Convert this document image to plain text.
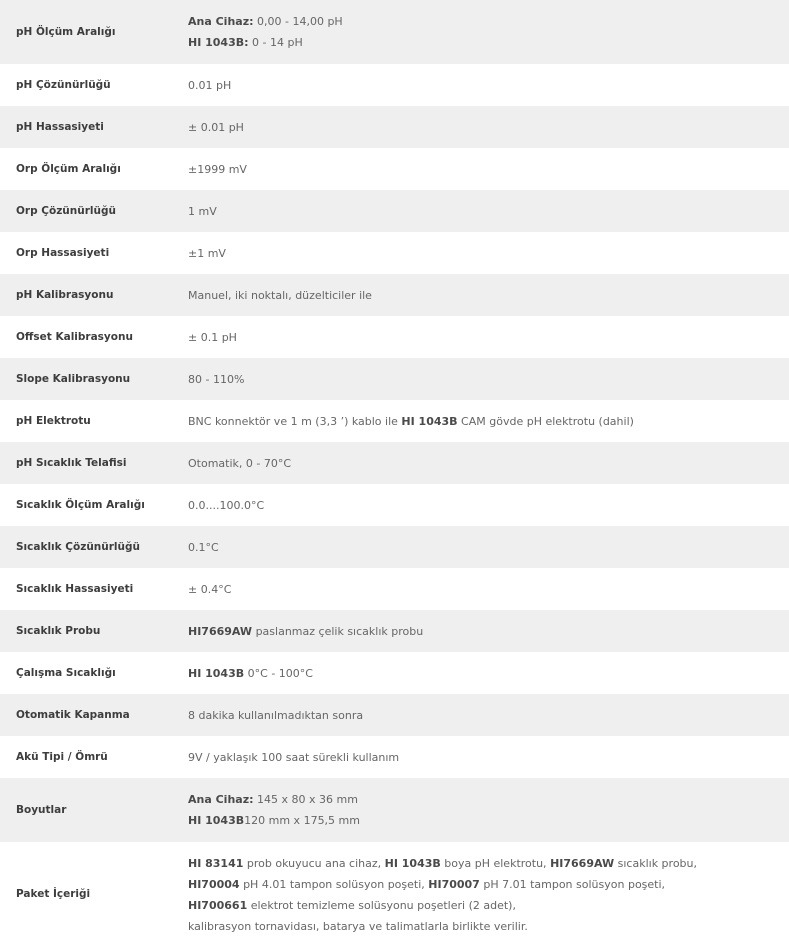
pH Ölçüm Aralığı	Ana Cihaz: 0,00 - 14,00 pH
HI 1043B: 0 - 14 pH

pH Çözünürlüğü	0.01 pH

pH Hassasiyeti	± 0.01 pH

Orp Ölçüm Aralığı	±1999 mV

Orp Çözünürlüğü	1 mV

Orp Hassasiyeti	±1 mV

pH Kalibrasyonu	Manuel, iki noktalı, düzelticiler ile

Offset Kalibrasyonu	± 0.1 pH

Slope Kalibrasyonu	80 - 110%

pH Elektrotu	BNC konnektör ve 1 m (3,3 ’) kablo ile HI 1043B CAM gövde pH elektrotu (dahil)

pH Sıcaklık Telafisi	Otomatik, 0 - 70°C

Sıcaklık Ölçüm Aralığı	0.0....100.0°C

Sıcaklık Çözünürlüğü	0.1°C

Sıcaklık Hassasiyeti	± 0.4°C

Sıcaklık Probu	HI7669AW paslanmaz çelik sıcaklık probu

Çalışma Sıcaklığı	HI 1043B 0°C - 100°C

Otomatik Kapanma	8 dakika kullanılmadıktan sonra

Akü Tipi / Ömrü	9V / yaklaşık 100 saat sürekli kullanım

Boyutlar	Ana Cihaz: 145 x 80 x 36 mm
HI 1043B120 mm x 175,5 mm

Paket İçeriği	HI 83141 prob okuyucu ana cihaz, HI 1043B boya pH elektrotu, HI7669AW sıcaklık probu,
HI70004 pH 4.01 tampon solüsyon poşeti, HI70007 pH 7.01 tampon solüsyon poşeti,
HI700661 elektrot temizleme solüsyonu poşetleri (2 adet),
kalibrasyon tornavidası, batarya ve talimatlarla birlikte verilir.
